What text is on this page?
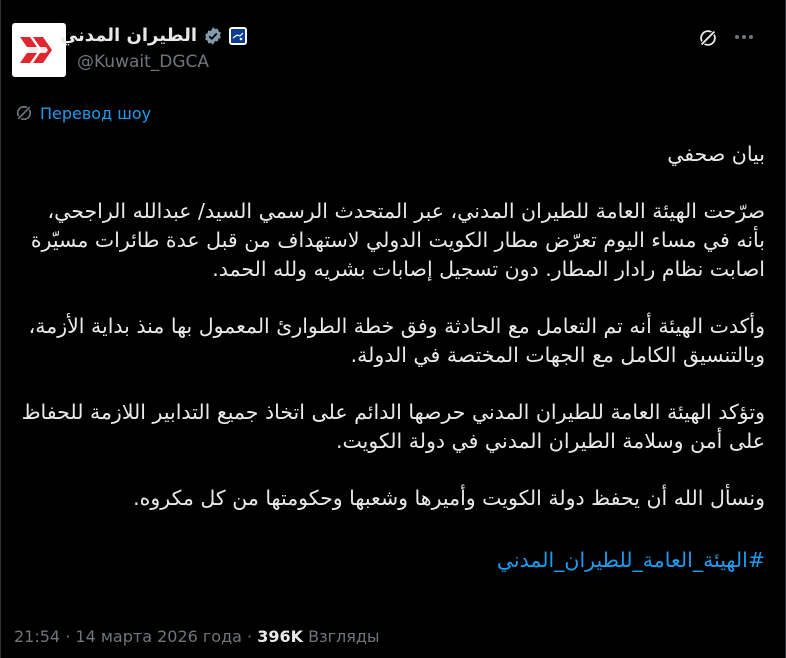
الطيران المدني
@Kuwait_DGCA
Перевод шоу

بيان صحفي

صرّحت الهيئة العامة للطيران المدني، عبر المتحدث الرسمي السيد/ عبدالله الراجحي، بأنه في مساء اليوم تعرّض مطار الكويت الدولي لاستهداف من قبل عدة طائرات مسيّرة اصابت نظام رادار المطار. دون تسجيل إصابات بشريه ولله الحمد.

وأكدت الهيئة أنه تم التعامل مع الحادثة وفق خطة الطوارئ المعمول بها منذ بداية الأزمة، وبالتنسيق الكامل مع الجهات المختصة في الدولة.

وتؤكد الهيئة العامة للطيران المدني حرصها الدائم على اتخاذ جميع التدابير اللازمة للحفاظ على أمن وسلامة الطيران المدني في دولة الكويت.

ونسأل الله أن يحفظ دولة الكويت وأميرها وشعبها وحكومتها من كل مكروه.

#الهيئة_العامة_للطيران_المدني

21:54 · 14 марта 2026 года · 396K Взгляды
